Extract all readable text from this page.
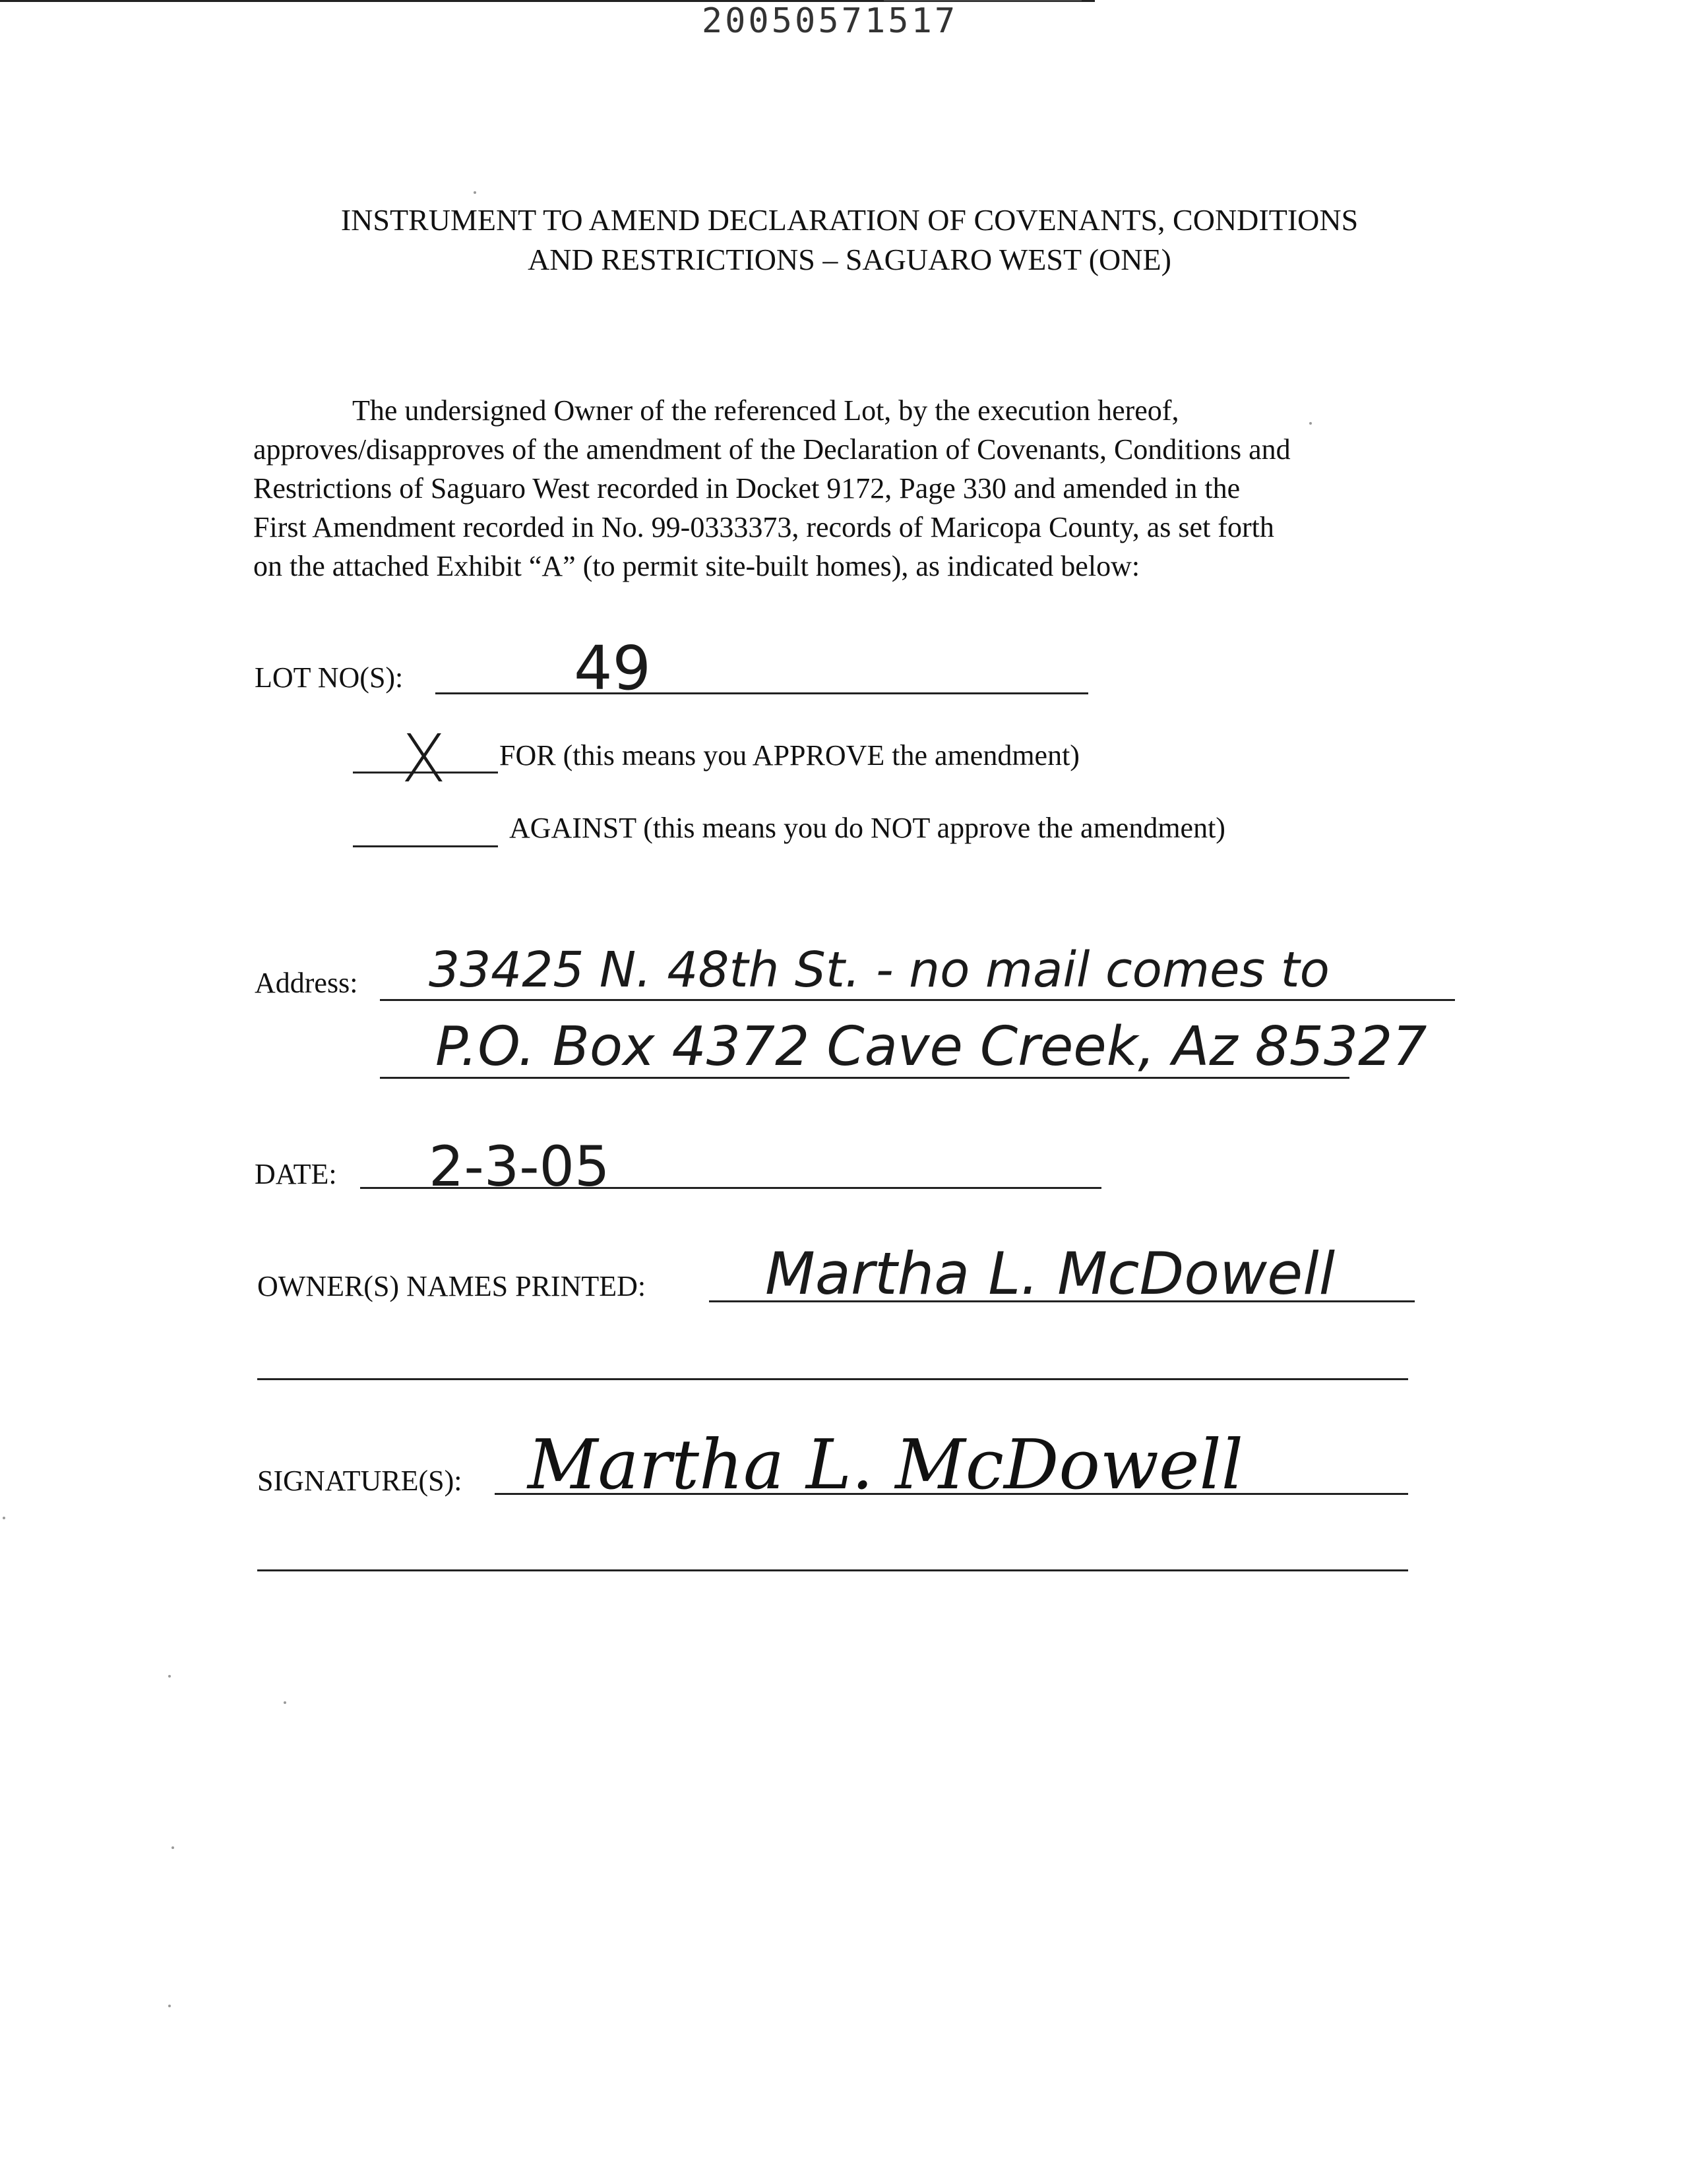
20050571517
INSTRUMENT TO AMEND DECLARATION OF COVENANTS, CONDITIONS
AND RESTRICTIONS – SAGUARO WEST (ONE)
The undersigned Owner of the referenced Lot, by the execution hereof,
approves/disapproves of the amendment of the Declaration of Covenants, Conditions and
Restrictions of Saguaro West recorded in Docket 9172, Page 330 and amended in the
First Amendment recorded in No. 99-0333373, records of Maricopa County, as set forth
on the attached Exhibit “A” (to permit site-built homes), as indicated below:
LOT NO(S):	49
X FOR (this means you APPROVE the amendment)
AGAINST (this means you do NOT approve the amendment)
Address: 33425 N. 48th St. - no mail comes to
P.O. Box 4372 Cave Creek, Az 85327
DATE: 2-3-05
OWNER(S) NAMES PRINTED: Martha L. McDowell
SIGNATURE(S): Martha L. McDowell
